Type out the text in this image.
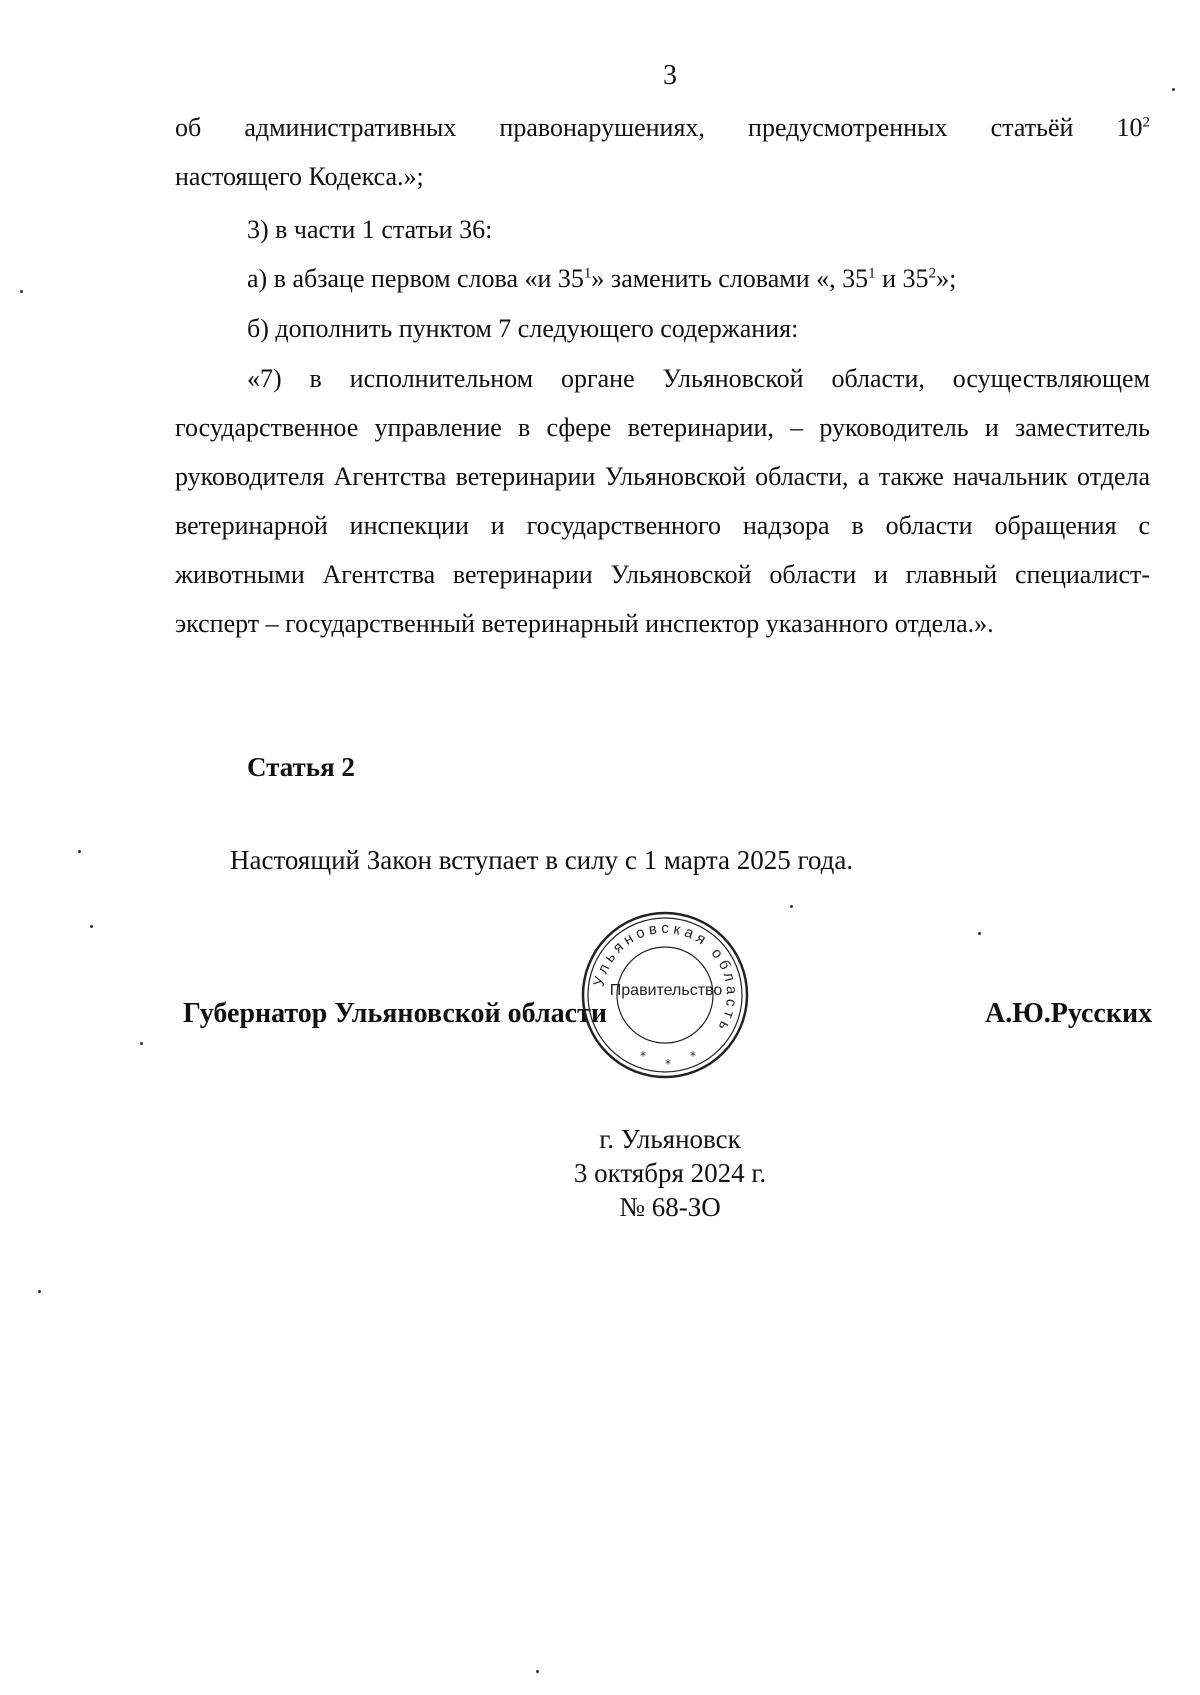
3
об административных правонарушениях, предусмотренных статьёй $10^2$
настоящего Кодекса.»;
3) в части 1 статьи 36:
а) в абзаце первом слова «и $35^1$» заменить словами «, $35^1$ и $35^2$»;
б) дополнить пунктом 7 следующего содержания:
«7) в исполнительном органе Ульяновской области, осуществляющем государственное управление в сфере ветеринарии, – руководитель и заместитель руководителя Агентства ветеринарии Ульяновской области, а также начальник отдела ветеринарной инспекции и государственного надзора в области обращения с животными Агентства ветеринарии Ульяновской области и главный специалист-эксперт – государственный ветеринарный инспектор указанного отдела.».
Статья 2
Настоящий Закон вступает в силу с 1 марта 2025 года.
Губернатор Ульяновской области	А.Ю.Русских
Ульяновская область
*
*
*
Правительство
г. Ульяновск
3 октября 2024 г.
№ 68-ЗО
